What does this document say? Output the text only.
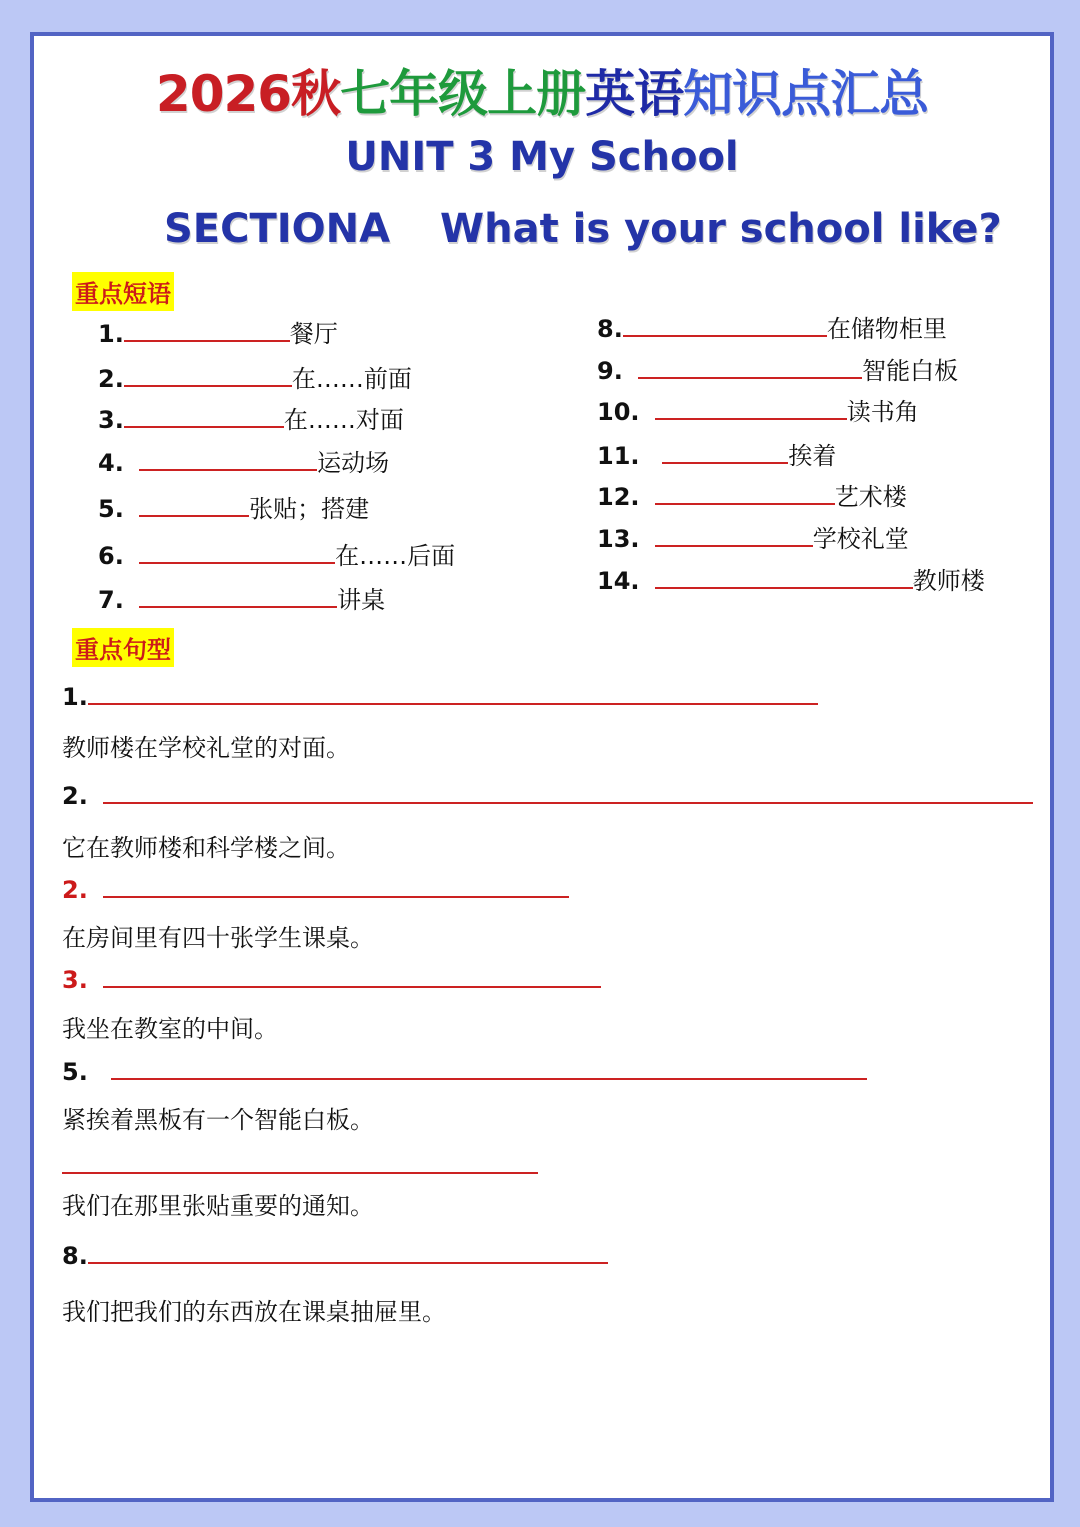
2026秋七年级上册英语知识点汇总
UNIT 3 My School
SECTIONA What is your school like?
重点短语
1.	餐厅
2.	在……前面
3.	在……对面
4.	运动场
5.	张贴；搭建
6.	在……后面
7.	讲桌
8.	在储物柜里
9.	智能白板
10.	读书角
11.	挨着
12.	艺术楼
13.	学校礼堂
14.	教师楼
重点句型
1.
教师楼在学校礼堂的对面。
2.
它在教师楼和科学楼之间。
2.
在房间里有四十张学生课桌。
3.
我坐在教室的中间。
5.
紧挨着黑板有一个智能白板。
我们在那里张贴重要的通知。
8.
我们把我们的东西放在课桌抽屉里。
